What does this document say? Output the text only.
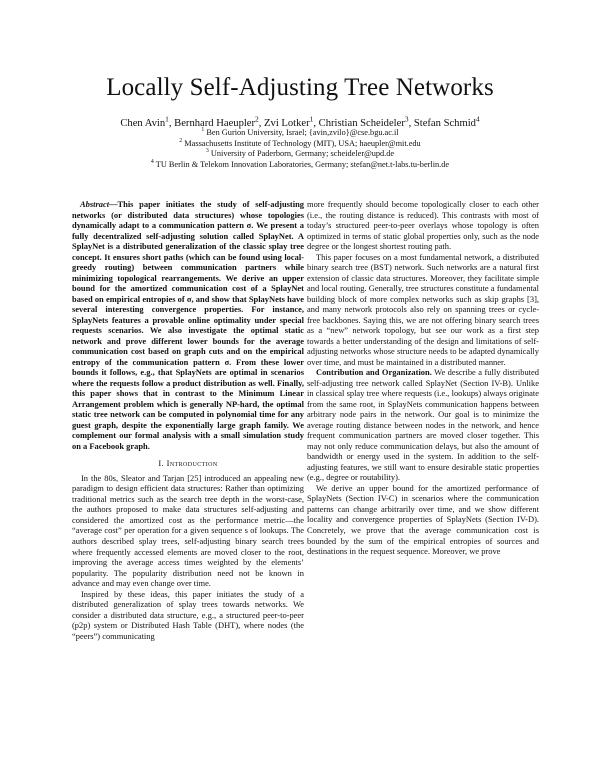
Locally Self-Adjusting Tree Networks
Chen Avin$^1$, Bernhard Haeupler$^2$, Zvi Lotker$^1$, Christian Scheideler$^3$, Stefan Schmid$^4$
$^1$ Ben Gurion University, Israel; {avin,zvilo}@cse.bgu.ac.il
$^2$ Massachusetts Institute of Technology (MIT), USA; haeupler@mit.edu
$^3$ University of Paderborn, Germany; scheideler@upd.de
$^4$ TU Berlin & Telekom Innovation Laboratories, Germany; stefan@net.t-labs.tu-berlin.de

Abstract—This paper initiates the study of self-adjusting networks (or distributed data structures) whose topologies dynamically adapt to a communication pattern σ. We present a fully decentralized self-adjusting solution called SplayNet. A SplayNet is a distributed generalization of the classic splay tree concept. It ensures short paths (which can be found using local-greedy routing) between communication partners while minimizing topological rearrangements. We derive an upper bound for the amortized communication cost of a SplayNet based on empirical entropies of σ, and show that SplayNets have several interesting convergence properties. For instance, SplayNets features a provable online optimality under special requests scenarios. We also investigate the optimal static network and prove different lower bounds for the average communication cost based on graph cuts and on the empirical entropy of the communication pattern σ. From these lower bounds it follows, e.g., that SplayNets are optimal in scenarios where the requests follow a product distribution as well. Finally, this paper shows that in contrast to the Minimum Linear Arrangement problem which is generally NP-hard, the optimal static tree network can be computed in polynomial time for any guest graph, despite the exponentially large graph family. We complement our formal analysis with a small simulation study on a Facebook graph.

I. Introduction

In the 80s, Sleator and Tarjan [25] introduced an appealing new paradigm to design efficient data structures: Rather than optimizing traditional metrics such as the search tree depth in the worst-case, the authors proposed to make data structures self-adjusting and considered the amortized cost as the performance metric—the “average cost” per operation for a given sequence s of lookups. The authors described splay trees, self-adjusting binary search trees where frequently accessed elements are moved closer to the root, improving the average access times weighted by the elements’ popularity. The popularity distribution need not be known in advance and may even change over time.

Inspired by these ideas, this paper initiates the study of a distributed generalization of splay trees towards networks. We consider a distributed data structure, e.g., a structured peer-to-peer (p2p) system or Distributed Hash Table (DHT), where nodes (the “peers”) communicating

more frequently should become topologically closer to each other (i.e., the routing distance is reduced). This contrasts with most of today’s structured peer-to-peer overlays whose topology is often optimized in terms of static global properties only, such as the node degree or the longest shortest routing path.

This paper focuses on a most fundamental network, a distributed binary search tree (BST) network. Such networks are a natural first extension of classic data structures. Moreover, they facilitate simple and local routing. Generally, tree structures constitute a fundamental building block of more complex networks such as skip graphs [3], and many network protocols also rely on spanning trees or cycle-free backbones. Saying this, we are not offering binary search trees as a “new” network topology, but see our work as a first step towards a better understanding of the design and limitations of self-adjusting networks whose structure needs to be adapted dynamically over time, and must be maintained in a distributed manner.

Contribution and Organization. We describe a fully distributed self-adjusting tree network called SplayNet (Section IV-B). Unlike in classical splay tree where requests (i.e., lookups) always originate from the same root, in SplayNets communication happens between arbitrary node pairs in the network. Our goal is to minimize the average routing distance between nodes in the network, and hence frequent communication partners are moved closer together. This may not only reduce communication delays, but also the amount of bandwidth or energy used in the system. In addition to the self-adjusting features, we still want to ensure desirable static properties (e.g., degree or routability).

We derive an upper bound for the amortized performance of SplayNets (Section IV-C) in scenarios where the communication patterns can change arbitrarily over time, and we show different locality and convergence properties of SplayNets (Section IV-D). Concretely, we prove that the average communication cost is bounded by the sum of the empirical entropies of sources and destinations in the request sequence. Moreover, we prove
